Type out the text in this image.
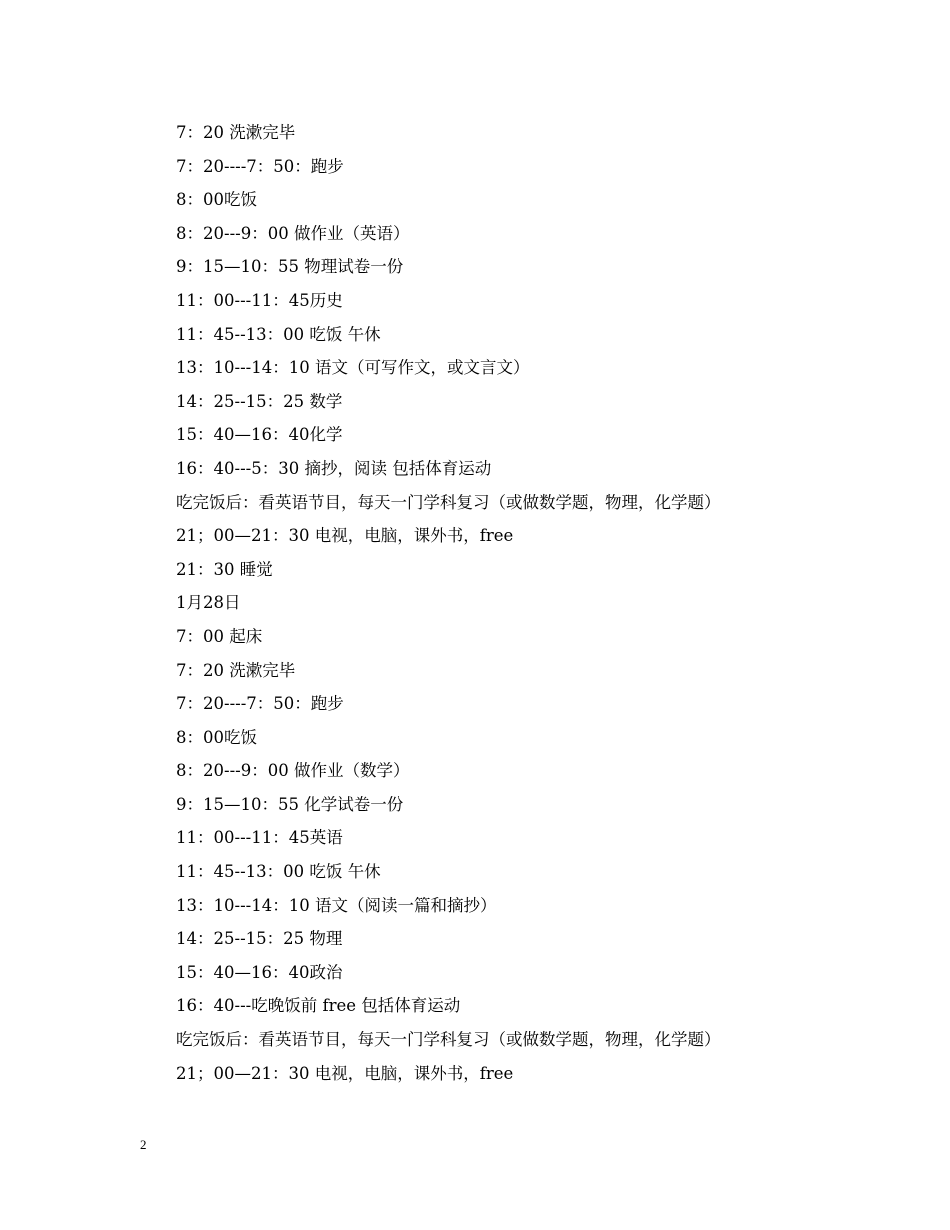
7：20 洗漱完毕
7：20----7：50：跑步
8：00吃饭
8：20---9：00 做作业（英语）
9：15—10：55 物理试卷一份
11：00---11：45历史
11：45--13：00 吃饭 午休
13：10---14：10 语文（可写作文，或文言文）
14：25--15：25 数学
15：40—16：40化学
16：40---5：30 摘抄，阅读 包括体育运动
吃完饭后：看英语节目，每天一门学科复习（或做数学题，物理，化学题）
21；00—21：30 电视，电脑，课外书，free
21：30 睡觉
1月28日
7：00 起床
7：20 洗漱完毕
7：20----7：50：跑步
8：00吃饭
8：20---9：00 做作业（数学）
9：15—10：55 化学试卷一份
11：00---11：45英语
11：45--13：00 吃饭 午休
13：10---14：10 语文（阅读一篇和摘抄）
14：25--15：25 物理
15：40—16：40政治
16：40---吃晚饭前 free 包括体育运动
吃完饭后：看英语节目，每天一门学科复习（或做数学题，物理，化学题）
21；00—21：30 电视，电脑，课外书，free
2
